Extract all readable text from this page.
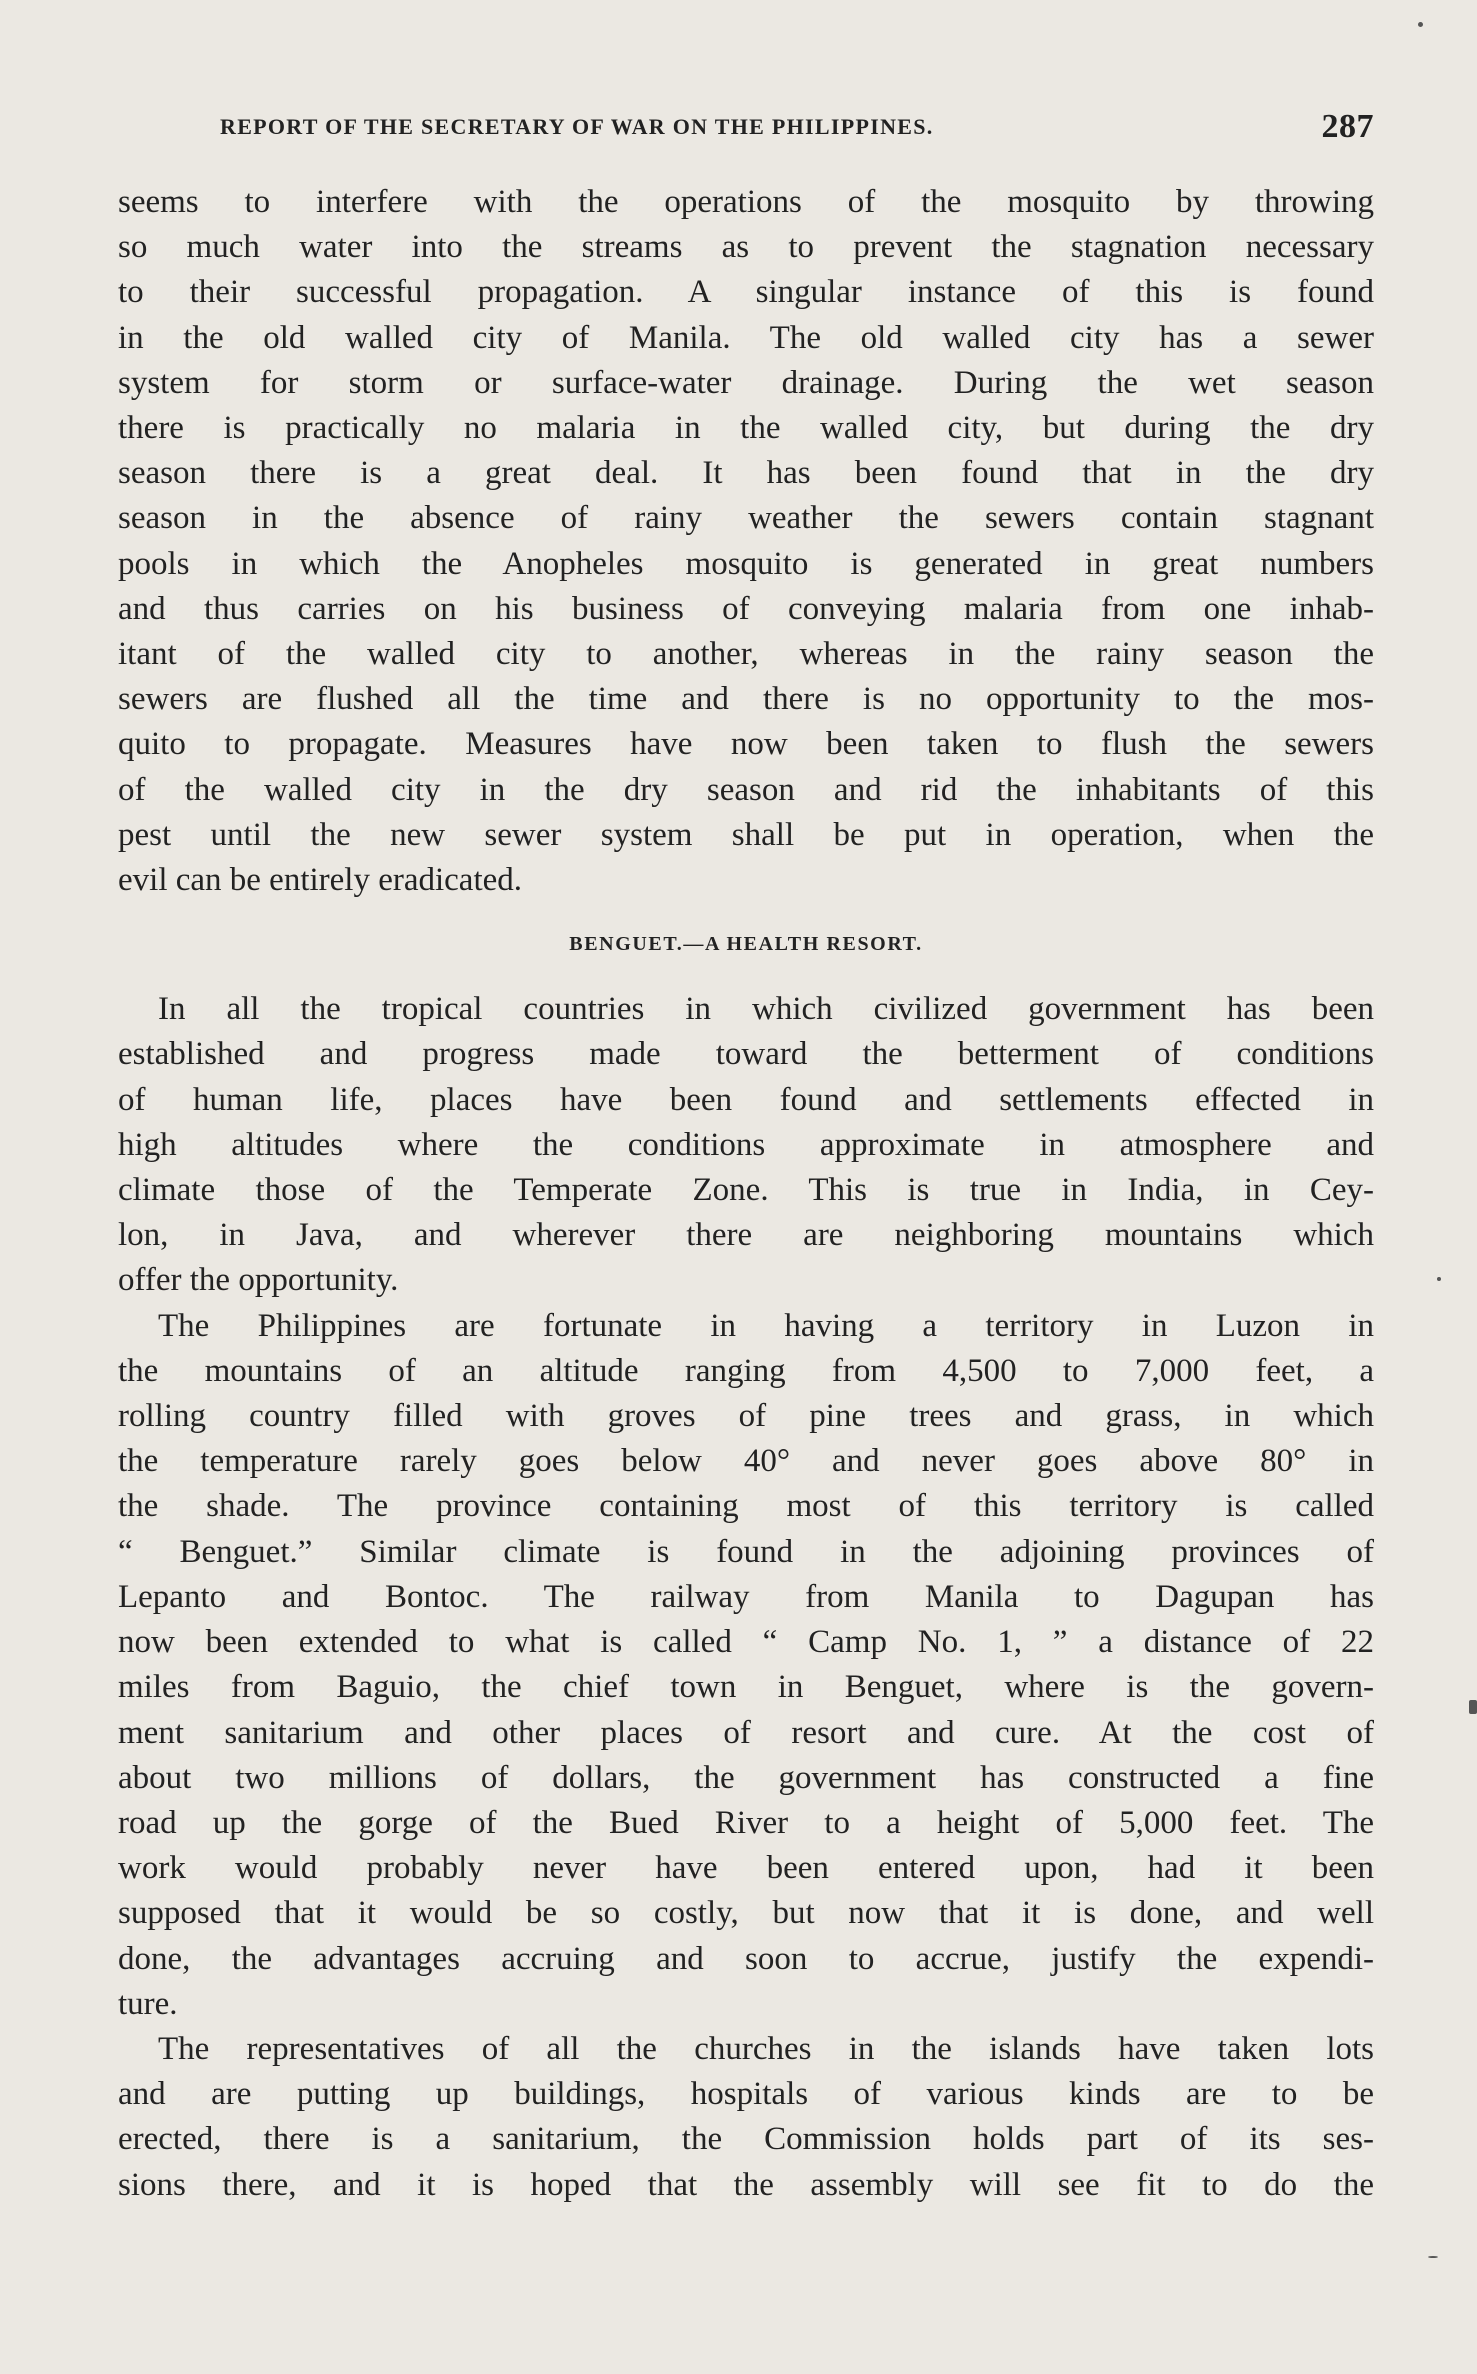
REPORT OF THE SECRETARY OF WAR ON THE PHILIPPINES.	287
seems to interfere with the operations of the mosquito by throwing
so much water into the streams as to prevent the stagnation necessary
to their successful propagation. A singular instance of this is found
in the old walled city of Manila. The old walled city has a sewer
system for storm or surface-water drainage. During the wet season
there is practically no malaria in the walled city, but during the dry
season there is a great deal. It has been found that in the dry
season in the absence of rainy weather the sewers contain stagnant
pools in which the Anopheles mosquito is generated in great numbers
and thus carries on his business of conveying malaria from one inhab-
itant of the walled city to another, whereas in the rainy season the
sewers are flushed all the time and there is no opportunity to the mos-
quito to propagate. Measures have now been taken to flush the sewers
of the walled city in the dry season and rid the inhabitants of this
pest until the new sewer system shall be put in operation, when the
evil can be entirely eradicated.
BENGUET.—A HEALTH RESORT.
In all the tropical countries in which civilized government has been
established and progress made toward the betterment of conditions
of human life, places have been found and settlements effected in
high altitudes where the conditions approximate in atmosphere and
climate those of the Temperate Zone. This is true in India, in Cey-
lon, in Java, and wherever there are neighboring mountains which
offer the opportunity.
The Philippines are fortunate in having a territory in Luzon in
the mountains of an altitude ranging from 4,500 to 7,000 feet, a
rolling country filled with groves of pine trees and grass, in which
the temperature rarely goes below 40° and never goes above 80° in
the shade. The province containing most of this territory is called
“ Benguet.” Similar climate is found in the adjoining provinces of
Lepanto and Bontoc. The railway from Manila to Dagupan has
now been extended to what is called “ Camp No. 1, ” a distance of 22
miles from Baguio, the chief town in Benguet, where is the govern-
ment sanitarium and other places of resort and cure. At the cost of
about two millions of dollars, the government has constructed a fine
road up the gorge of the Bued River to a height of 5,000 feet. The
work would probably never have been entered upon, had it been
supposed that it would be so costly, but now that it is done, and well
done, the advantages accruing and soon to accrue, justify the expendi-
ture.
The representatives of all the churches in the islands have taken lots
and are putting up buildings, hospitals of various kinds are to be
erected, there is a sanitarium, the Commission holds part of its ses-
sions there, and it is hoped that the assembly will see fit to do the
